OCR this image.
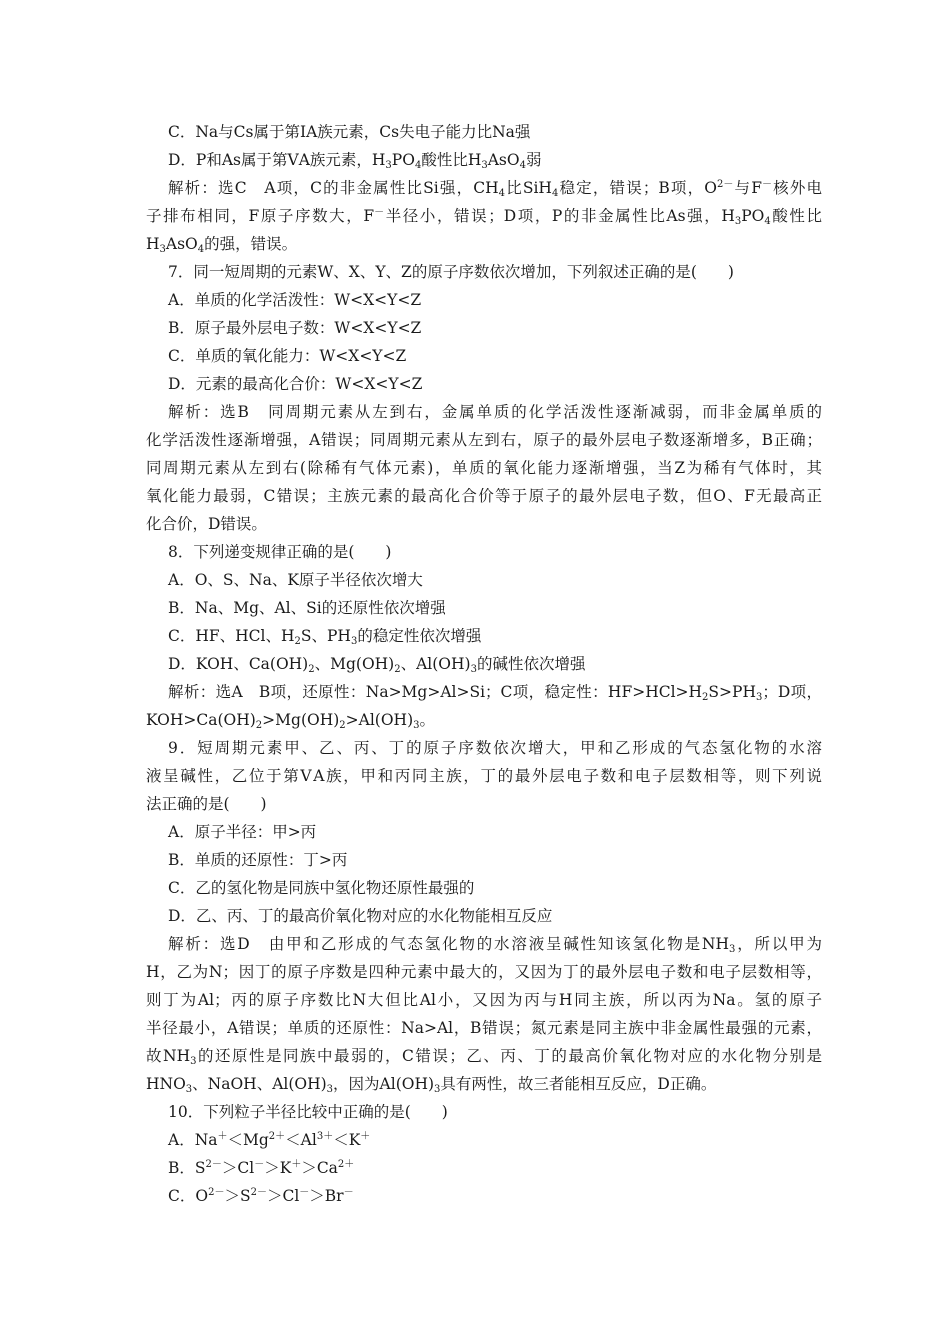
C．Na与Cs属于第ⅠA族元素，Cs失电子能力比Na强
D．P和As属于第ⅤA族元素，$H_3PO_4$酸性比$H_3AsO_4$弱
解析：选C　A项，C的非金属性比Si强，$CH_4$比SiH$_4$稳定，错误；B项，$O^{2-}$与F－核外电
子排布相同，F原子序数大，F－半径小，错误；D项，P的非金属性比As强，$H_3PO_4$酸性比
$H_3AsO_4$的强，错误。
7．同一短周期的元素W、X、Y、Z的原子序数依次增加，下列叙述正确的是(　　)
A．单质的化学活泼性：W<X<Y<Z
B．原子最外层电子数：W<X<Y<Z
C．单质的氧化能力：W<X<Y<Z
D．元素的最高化合价：W<X<Y<Z
解析：选B　同周期元素从左到右，金属单质的化学活泼性逐渐减弱，而非金属单质的
化学活泼性逐渐增强，A错误；同周期元素从左到右，原子的最外层电子数逐渐增多，B正确；
同周期元素从左到右(除稀有气体元素)，单质的氧化能力逐渐增强，当Z为稀有气体时，其
氧化能力最弱，C错误；主族元素的最高化合价等于原子的最外层电子数，但O、F无最高正
化合价，D错误。
8．下列递变规律正确的是(　　)
A．O、S、Na、K原子半径依次增大
B．Na、Mg、Al、Si的还原性依次增强
C．HF、HCl、$H_2S$、$PH_3$的稳定性依次增强
D．KOH、$Ca(OH)_2$、$Mg(OH)_2$、$Al(OH)_3$的碱性依次增强
解析：选A　B项，还原性：Na>Mg>Al>Si；C项，稳定性：$HF>HCl>H_2S>PH_3$；D项，
$KOH>Ca(OH)_2>Mg(OH)_2>Al(OH)_3$。
9．短周期元素甲、乙、丙、丁的原子序数依次增大，甲和乙形成的气态氢化物的水溶
液呈碱性，乙位于第ⅤA族，甲和丙同主族，丁的最外层电子数和电子层数相等，则下列说
法正确的是(　　)
A．原子半径：甲>丙
B．单质的还原性：丁>丙
C．乙的氢化物是同族中氢化物还原性最强的
D．乙、丙、丁的最高价氧化物对应的水化物能相互反应
解析：选D　由甲和乙形成的气态氢化物的水溶液呈碱性知该氢化物是$NH_3$，所以甲为
H，乙为N；因丁的原子序数是四种元素中最大的，又因为丁的最外层电子数和电子层数相等，
则丁为Al；丙的原子序数比N大但比Al小，又因为丙与H同主族，所以丙为Na。氢的原子
半径最小，A错误；单质的还原性：Na>Al，B错误；氮元素是同主族中非金属性最强的元素，
故$NH_3$的还原性是同族中最弱的，C错误；乙、丙、丁的最高价氧化物对应的水化物分别是
$HNO_3$、NaOH、$Al(OH)_3$，因为$Al(OH)_3$具有两性，故三者能相互反应，D正确。
10．下列粒子半径比较中正确的是(　　)
A．$Na^+<Mg^{2+}<Al^{3+}<K^+$
B．$S^{2-}>Cl^->K^+>Ca^{2+}$
C．$O^{2-}>S^{2-}>Cl^->Br^-$
